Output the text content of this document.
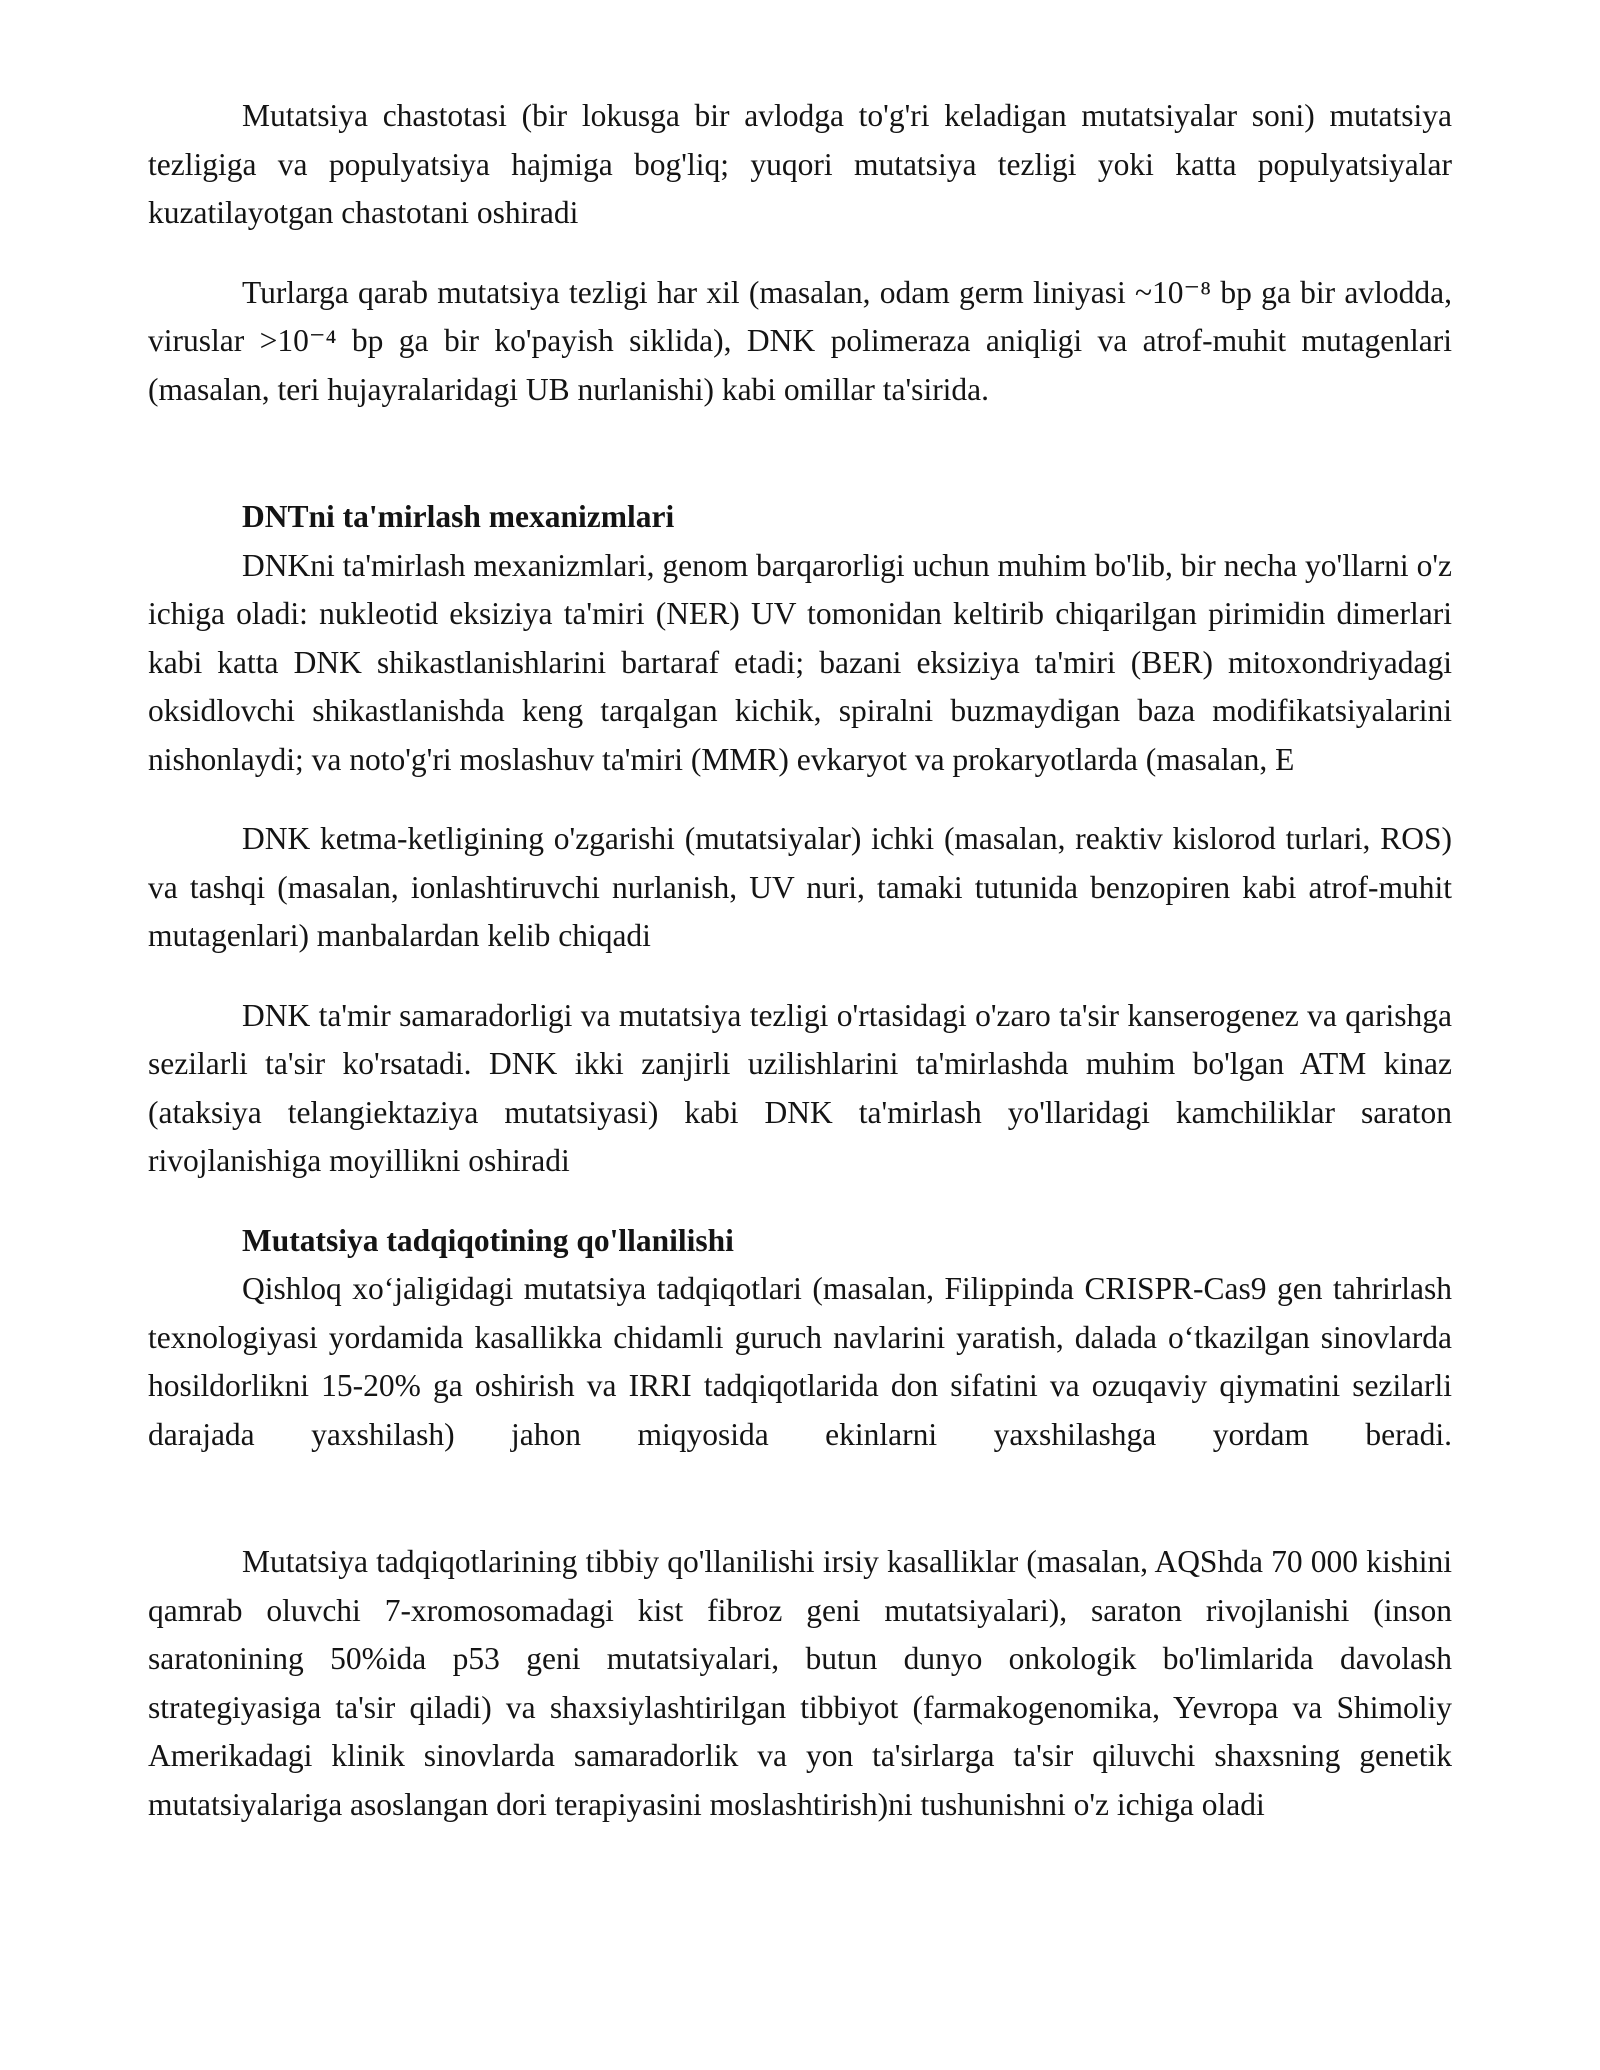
Mutatsiya chastotasi (bir lokusga bir avlodga to'g'ri keladigan mutatsiyalar soni) mutatsiya tezligiga va populyatsiya hajmiga bog'liq; yuqori mutatsiya tezligi yoki katta populyatsiyalar kuzatilayotgan chastotani oshiradi

Turlarga qarab mutatsiya tezligi har xil (masalan, odam germ liniyasi ~10⁻⁸ bp ga bir avlodda, viruslar >10⁻⁴ bp ga bir ko'payish siklida), DNK polimeraza aniqligi va atrof-muhit mutagenlari (masalan, teri hujayralaridagi UB nurlanishi) kabi omillar ta'sirida.

DNTni ta'mirlash mexanizmlari

DNKni ta'mirlash mexanizmlari, genom barqarorligi uchun muhim bo'lib, bir necha yo'llarni o'z ichiga oladi: nukleotid eksiziya ta'miri (NER) UV tomonidan keltirib chiqarilgan pirimidin dimerlari kabi katta DNK shikastlanishlarini bartaraf etadi; bazani eksiziya ta'miri (BER) mitoxondriyadagi oksidlovchi shikastlanishda keng tarqalgan kichik, spiralni buzmaydigan baza modifikatsiyalarini nishonlaydi; va noto'g'ri moslashuv ta'miri (MMR) evkaryot va prokaryotlarda (masalan, E

DNK ketma-ketligining o'zgarishi (mutatsiyalar) ichki (masalan, reaktiv kislorod turlari, ROS) va tashqi (masalan, ionlashtiruvchi nurlanish, UV nuri, tamaki tutunida benzopiren kabi atrof-muhit mutagenlari) manbalardan kelib chiqadi

DNK ta'mir samaradorligi va mutatsiya tezligi o'rtasidagi o'zaro ta'sir kanserogenez va qarishga sezilarli ta'sir ko'rsatadi. DNK ikki zanjirli uzilishlarini ta'mirlashda muhim bo'lgan ATM kinaz (ataksiya telangiektaziya mutatsiyasi) kabi DNK ta'mirlash yo'llaridagi kamchiliklar saraton rivojlanishiga moyillikni oshiradi

Mutatsiya tadqiqotining qo'llanilishi

Qishloq xo‘jaligidagi mutatsiya tadqiqotlari (masalan, Filippinda CRISPR-Cas9 gen tahrirlash texnologiyasi yordamida kasallikka chidamli guruch navlarini yaratish, dalada o‘tkazilgan sinovlarda hosildorlikni 15-20% ga oshirish va IRRI tadqiqotlarida don sifatini va ozuqaviy qiymatini sezilarli darajada yaxshilash) jahon miqyosida ekinlarni yaxshilashga yordam beradi.

Mutatsiya tadqiqotlarining tibbiy qo'llanilishi irsiy kasalliklar (masalan, AQShda 70 000 kishini qamrab oluvchi 7-xromosomadagi kist fibroz geni mutatsiyalari), saraton rivojlanishi (inson saratonining 50%ida p53 geni mutatsiyalari, butun dunyo onkologik bo'limlarida davolash strategiyasiga ta'sir qiladi) va shaxsiylashtirilgan tibbiyot (farmakogenomika, Yevropa va Shimoliy Amerikadagi klinik sinovlarda samaradorlik va yon ta'sirlarga ta'sir qiluvchi shaxsning genetik mutatsiyalariga asoslangan dori terapiyasini moslashtirish)ni tushunishni o'z ichiga oladi
